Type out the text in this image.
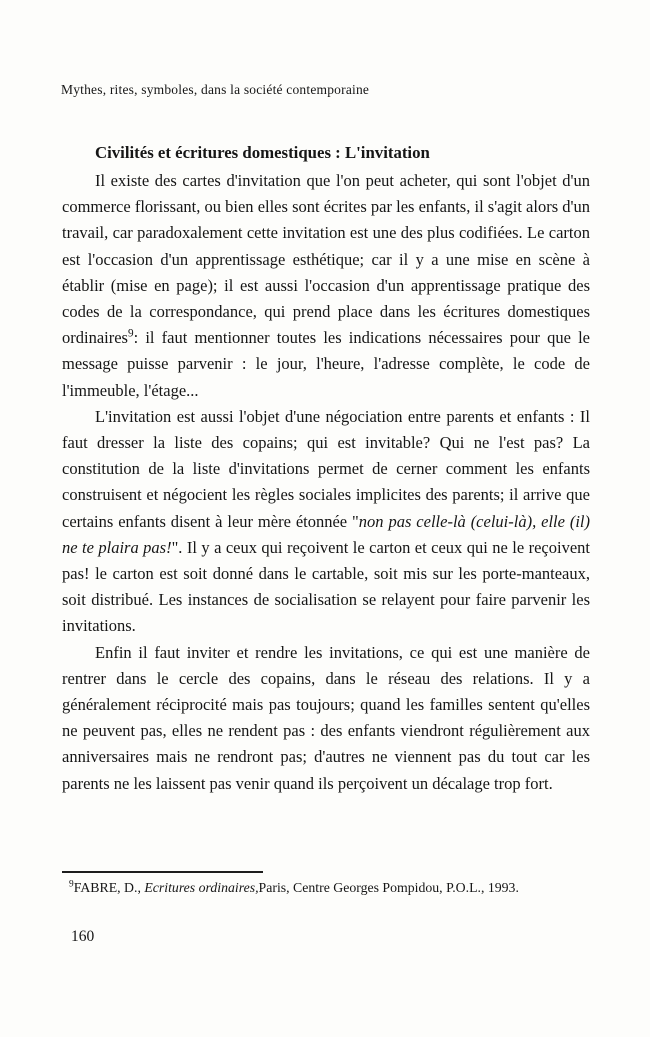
Mythes, rites, symboles, dans la société contemporaine
Civilités et écritures domestiques : L'invitation

Il existe des cartes d'invitation que l'on peut acheter, qui sont l'objet d'un commerce florissant, ou bien elles sont écrites par les enfants, il s'agit alors d'un travail, car paradoxalement cette invitation est une des plus codifiées. Le carton est l'occasion d'un apprentissage esthétique; car il y a une mise en scène à établir (mise en page); il est aussi l'occasion d'un apprentissage pratique des codes de la correspondance, qui prend place dans les écritures domestiques ordinaires$^9$: il faut mentionner toutes les indications nécessaires pour que le message puisse parvenir : le jour, l'heure, l'adresse complète, le code de l'immeuble, l'étage...

L'invitation est aussi l'objet d'une négociation entre parents et enfants : Il faut dresser la liste des copains; qui est invitable? Qui ne l'est pas? La constitution de la liste d'invitations permet de cerner comment les enfants construisent et négocient les règles sociales implicites des parents; il arrive que certains enfants disent à leur mère étonnée "non pas celle-là (celui-là), elle (il) ne te plaira pas!". Il y a ceux qui reçoivent le carton et ceux qui ne le reçoivent pas! le carton est soit donné dans le cartable, soit mis sur les porte-manteaux, soit distribué. Les instances de socialisation se relayent pour faire parvenir les invitations.

Enfin il faut inviter et rendre les invitations, ce qui est une manière de rentrer dans le cercle des copains, dans le réseau des relations. Il y a généralement réciprocité mais pas toujours; quand les familles sentent qu'elles ne peuvent pas, elles ne rendent pas : des enfants viendront régulièrement aux anniversaires mais ne rendront pas; d'autres ne viennent pas du tout car les parents ne les laissent pas venir quand ils perçoivent un décalage trop fort.

$^9$FABRE, D., Ecritures ordinaires,Paris, Centre Georges Pompidou, P.O.L., 1993.
160
